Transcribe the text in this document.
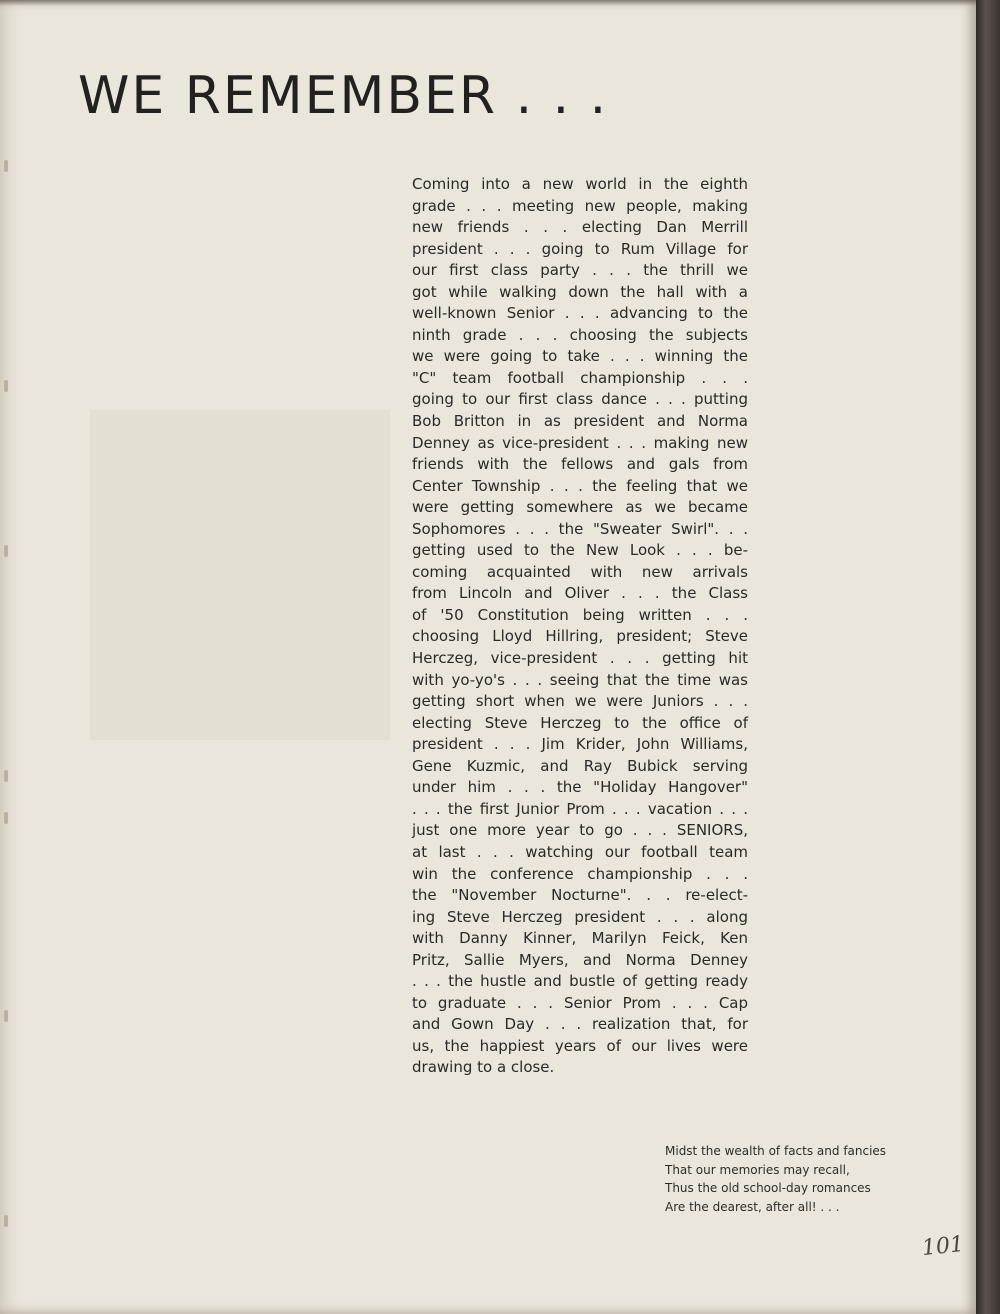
WE REMEMBER . . .
Coming into a new world in the eighth
grade . . . meeting new people, making
new friends . . . electing Dan Merrill
president . . . going to Rum Village for
our first class party . . . the thrill we
got while walking down the hall with a
well-known Senior . . . advancing to the
ninth grade . . . choosing the subjects
we were going to take . . . winning the
"C" team football championship . . .
going to our first class dance . . . putting
Bob Britton in as president and Norma
Denney as vice-president . . . making new
friends with the fellows and gals from
Center Township . . . the feeling that we
were getting somewhere as we became
Sophomores . . . the "Sweater Swirl". . .
getting used to the New Look . . . be-
coming acquainted with new arrivals
from Lincoln and Oliver . . . the Class
of '50 Constitution being written . . .
choosing Lloyd Hillring, president; Steve
Herczeg, vice-president . . . getting hit
with yo-yo's . . . seeing that the time was
getting short when we were Juniors . . .
electing Steve Herczeg to the office of
president . . . Jim Krider, John Williams,
Gene Kuzmic, and Ray Bubick serving
under him . . . the "Holiday Hangover"
. . . the first Junior Prom . . . vacation . . .
just one more year to go . . . SENIORS,
at last . . . watching our football team
win the conference championship . . .
the "November Nocturne". . . re-elect-
ing Steve Herczeg president . . . along
with Danny Kinner, Marilyn Feick, Ken
Pritz, Sallie Myers, and Norma Denney
. . . the hustle and bustle of getting ready
to graduate . . . Senior Prom . . . Cap
and Gown Day . . . realization that, for
us, the happiest years of our lives were
drawing to a close.
Midst the wealth of facts and fancies
That our memories may recall,
Thus the old school-day romances
Are the dearest, after all! . . .
101
